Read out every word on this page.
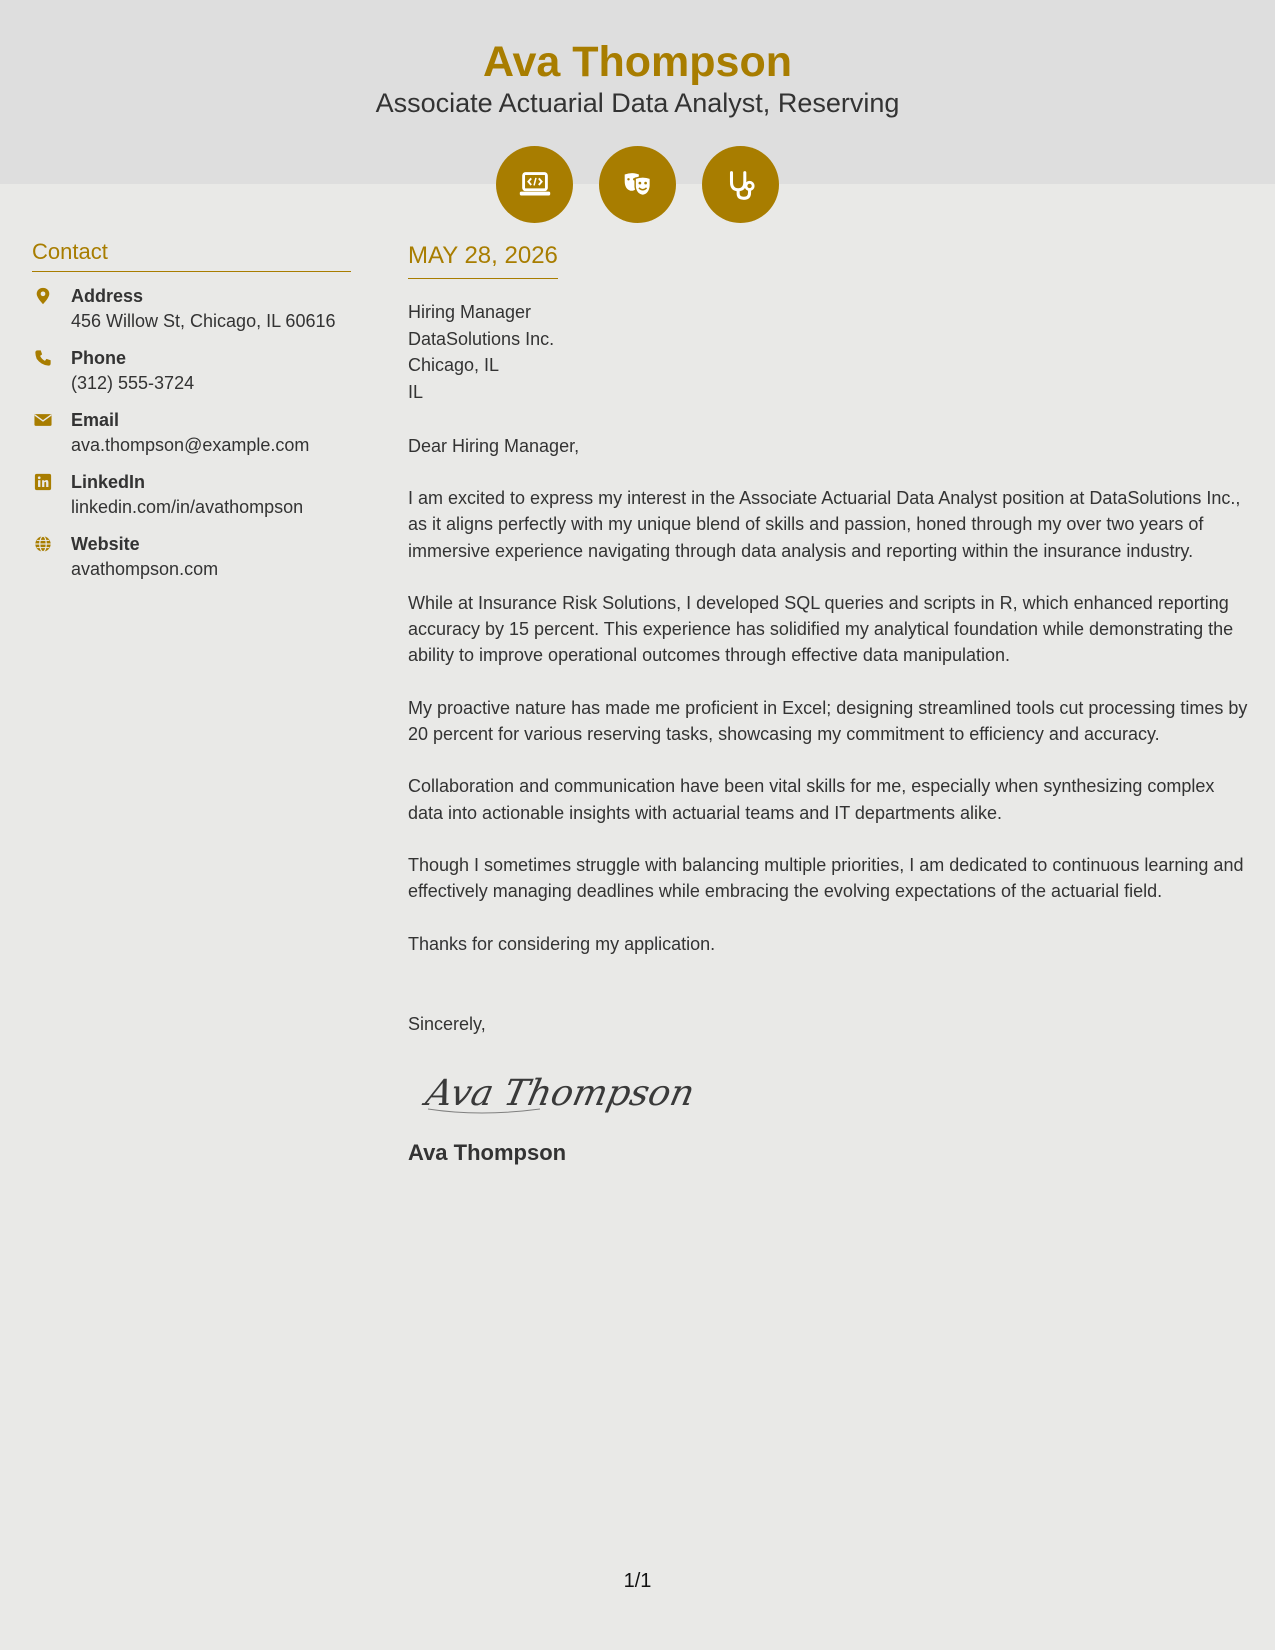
Ava Thompson
Associate Actuarial Data Analyst, Reserving
Contact
Address
456 Willow St, Chicago, IL 60616
Phone
(312) 555-3724
Email
ava.thompson@example.com
LinkedIn
linkedin.com/in/avathompson
Website
avathompson.com
MAY 28, 2026
Hiring Manager
DataSolutions Inc.
Chicago, IL
IL
Dear Hiring Manager,
I am excited to express my interest in the Associate Actuarial Data Analyst position at DataSolutions Inc., as it aligns perfectly with my unique blend of skills and passion, honed through my over two years of immersive experience navigating through data analysis and reporting within the insurance industry.
While at Insurance Risk Solutions, I developed SQL queries and scripts in R, which enhanced reporting accuracy by 15 percent. This experience has solidified my analytical foundation while demonstrating the ability to improve operational outcomes through effective data manipulation.
My proactive nature has made me proficient in Excel; designing streamlined tools cut processing times by 20 percent for various reserving tasks, showcasing my commitment to efficiency and accuracy.
Collaboration and communication have been vital skills for me, especially when synthesizing complex data into actionable insights with actuarial teams and IT departments alike.
Though I sometimes struggle with balancing multiple priorities, I am dedicated to continuous learning and effectively managing deadlines while embracing the evolving expectations of the actuarial field.
Thanks for considering my application.
Sincerely,
Ava Thompson
Ava Thompson
1/1
